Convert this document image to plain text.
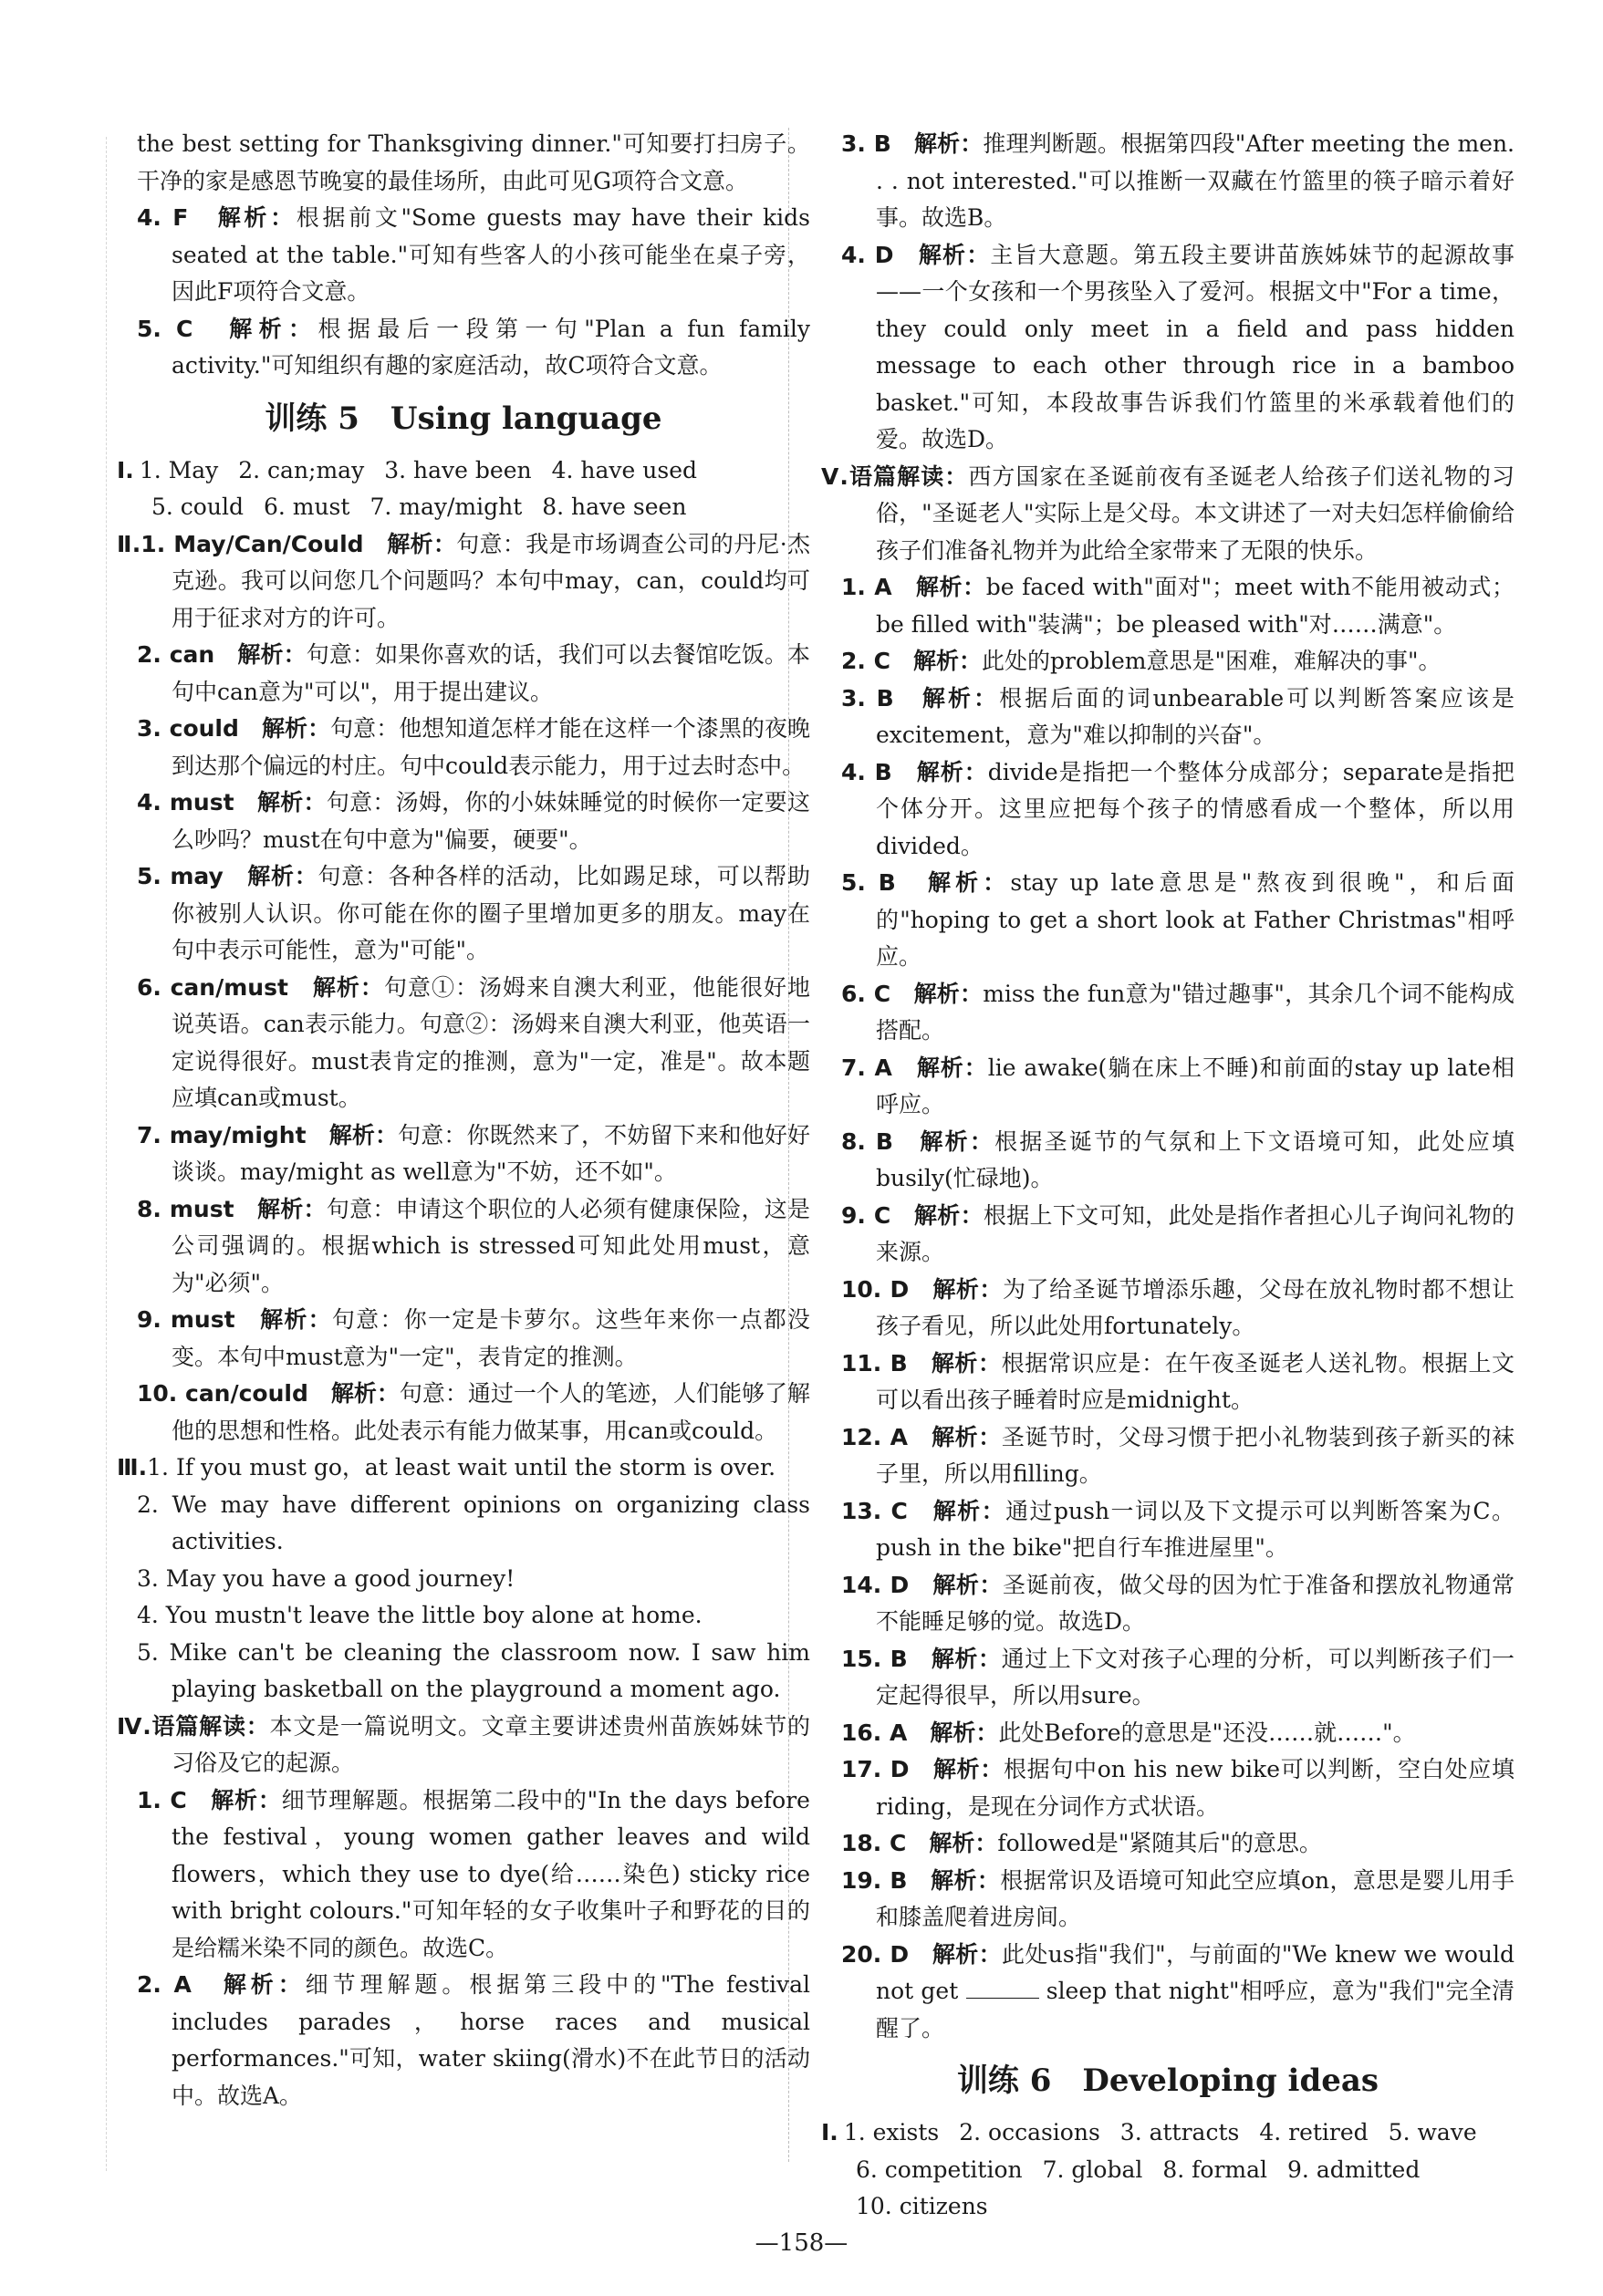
the best setting for Thanksgiving dinner."可知要打扫房子。干净的家是感恩节晚宴的最佳场所，由此可见G项符合文意。

4. F　 解析：根据前文"Some guests may have their kids seated at the table."可知有些客人的小孩可能坐在桌子旁，因此F项符合文意。

5. C　 解析：根据最后一段第一句"Plan a fun family activity."可知组织有趣的家庭活动，故C项符合文意。

训练 5　Using language
Ⅰ. 1. May 2. can;may 3. have been 4. have used
5. could 6. must 7. may/might 8. have seen

Ⅱ.1. May/Can/Could　 解析：句意：我是市场调查公司的丹尼·杰克逊。我可以问您几个问题吗？本句中may，can，could均可用于征求对方的许可。

2. can　 解析：句意：如果你喜欢的话，我们可以去餐馆吃饭。本句中can意为"可以"，用于提出建议。

3. could　 解析：句意：他想知道怎样才能在这样一个漆黑的夜晚到达那个偏远的村庄。句中could表示能力，用于过去时态中。

4. must　 解析：句意：汤姆，你的小妹妹睡觉的时候你一定要这么吵吗？must在句中意为"偏要，硬要"。

5. may　 解析：句意：各种各样的活动，比如踢足球，可以帮助你被别人认识。你可能在你的圈子里增加更多的朋友。may在句中表示可能性，意为"可能"。

6. can/must　 解析：句意①：汤姆来自澳大利亚，他能很好地说英语。can表示能力。句意②：汤姆来自澳大利亚，他英语一定说得很好。must表肯定的推测，意为"一定，准是"。故本题应填can或must。

7. may/might　 解析：句意：你既然来了，不妨留下来和他好好谈谈。may/might as well意为"不妨，还不如"。

8. must　 解析：句意：申请这个职位的人必须有健康保险，这是公司强调的。根据which is stressed可知此处用must，意为"必须"。

9. must　 解析：句意：你一定是卡萝尔。这些年来你一点都没变。本句中must意为"一定"，表肯定的推测。

10. can/could　 解析：句意：通过一个人的笔迹，人们能够了解他的思想和性格。此处表示有能力做某事，用can或could。

Ⅲ.1. If you must go，at least wait until the storm is over.

2. We may have different opinions on organizing class activities.

3. May you have a good journey!

4. You mustn't leave the little boy alone at home.

5. Mike can't be cleaning the classroom now. I saw him playing basketball on the playground a moment ago.

Ⅳ.语篇解读：本文是一篇说明文。文章主要讲述贵州苗族姊妹节的习俗及它的起源。

1. C　 解析：细节理解题。根据第二段中的"In the days before the festival，young women gather leaves and wild flowers，which they use to dye(给……染色) sticky rice with bright colours."可知年轻的女子收集叶子和野花的目的是给糯米染不同的颜色。故选C。

2. A　 解析：细节理解题。根据第三段中的"The festival includes parades，horse races and musical performances."可知，water skiing(滑水)不在此节日的活动中。故选A。

3. B　 解析：推理判断题。根据第四段"After meeting the men. . . not interested."可以推断一双藏在竹篮里的筷子暗示着好事。故选B。

4. D　 解析：主旨大意题。第五段主要讲苗族姊妹节的起源故事——一个女孩和一个男孩坠入了爱河。根据文中"For a time，they could only meet in a field and pass hidden message to each other through rice in a bamboo basket."可知，本段故事告诉我们竹篮里的米承载着他们的爱。故选D。

Ⅴ.语篇解读：西方国家在圣诞前夜有圣诞老人给孩子们送礼物的习俗，"圣诞老人"实际上是父母。本文讲述了一对夫妇怎样偷偷给孩子们准备礼物并为此给全家带来了无限的快乐。

1. A　 解析：be faced with"面对"；meet with不能用被动式；be filled with"装满"；be pleased with"对……满意"。

2. C　 解析：此处的problem意思是"困难，难解决的事"。

3. B　 解析：根据后面的词unbearable可以判断答案应该是excitement，意为"难以抑制的兴奋"。

4. B　 解析：divide是指把一个整体分成部分；separate是指把个体分开。这里应把每个孩子的情感看成一个整体，所以用divided。

5. B　 解析：stay up late意思是"熬夜到很晚"，和后面的"hoping to get a short look at Father Christmas"相呼应。

6. C　 解析：miss the fun意为"错过趣事"，其余几个词不能构成搭配。

7. A　 解析：lie awake(躺在床上不睡)和前面的stay up late相呼应。

8. B　 解析：根据圣诞节的气氛和上下文语境可知，此处应填busily(忙碌地)。

9. C　 解析：根据上下文可知，此处是指作者担心儿子询问礼物的来源。

10. D　 解析：为了给圣诞节增添乐趣，父母在放礼物时都不想让孩子看见，所以此处用fortunately。

11. B　 解析：根据常识应是：在午夜圣诞老人送礼物。根据上文可以看出孩子睡着时应是midnight。

12. A　 解析：圣诞节时，父母习惯于把小礼物装到孩子新买的袜子里，所以用filling。

13. C　 解析：通过push一词以及下文提示可以判断答案为C。push in the bike"把自行车推进屋里"。

14. D　 解析：圣诞前夜，做父母的因为忙于准备和摆放礼物通常不能睡足够的觉。故选D。

15. B　 解析：通过上下文对孩子心理的分析，可以判断孩子们一定起得很早，所以用sure。

16. A　 解析：此处Before的意思是"还没……就……"。

17. D　 解析：根据句中on his new bike可以判断，空白处应填riding，是现在分词作方式状语。

18. C　 解析：followed是"紧随其后"的意思。

19. B　 解析：根据常识及语境可知此空应填on，意思是婴儿用手和膝盖爬着进房间。

20. D　 解析：此处us指"我们"，与前面的"We knew we would not get	sleep that night"相呼应，意为"我们"完全清醒了。

训练 6　Developing ideas
Ⅰ. 1. exists 2. occasions 3. attracts 4. retired 5. wave
6. competition 7. global 8. formal 9. admitted
10. citizens
—158—
